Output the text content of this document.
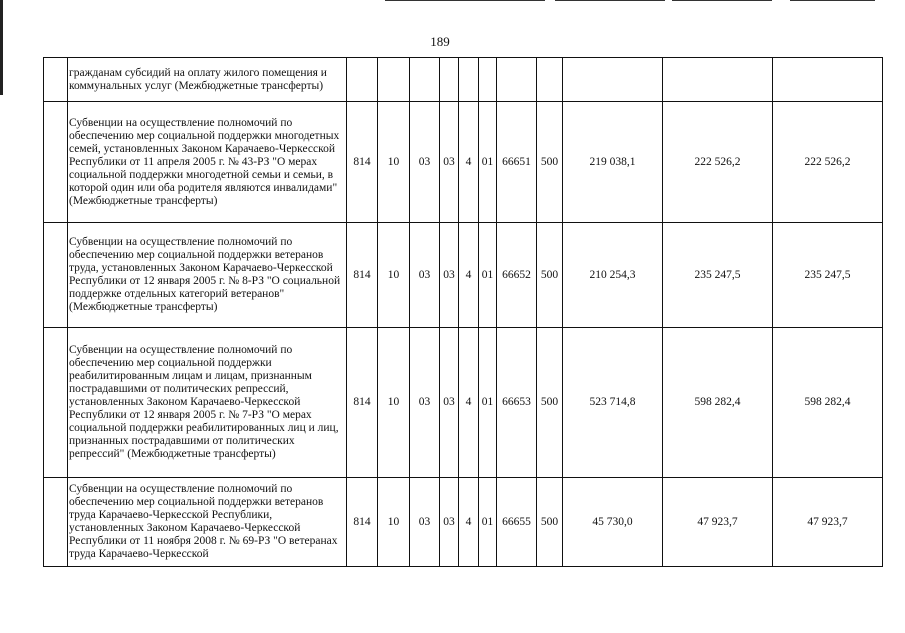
189
	гражданам субсидий на оплату жилого помещения и коммунальных услуг (Межбюджетные трансферты)											
	Субвенции на осуществление полномочий по обеспечению мер социальной поддержки многодетных семей, установленных Законом Карачаево-Черкесской Республики от 11 апреля 2005 г. № 43-РЗ "О мерах социальной поддержки многодетной семьи и семьи, в которой один или оба родителя являются инвалидами" (Межбюджетные трансферты)	814	10	03	03	4	01	66651	500	219 038,1	222 526,2	222 526,2
	Субвенции на осуществление полномочий по обеспечению мер социальной поддержки ветеранов труда, установленных Законом Карачаево-Черкесской Республики от 12 января 2005 г. № 8-РЗ "О социальной поддержке отдельных категорий ветеранов" (Межбюджетные трансферты)	814	10	03	03	4	01	66652	500	210 254,3	235 247,5	235 247,5
	Субвенции на осуществление полномочий по обеспечению мер социальной поддержки реабилитированным лицам и лицам, признанным пострадавшими от политических репрессий, установленных Законом Карачаево-Черкесской Республики от 12 января 2005 г. № 7-РЗ "О мерах социальной поддержки реабилитированных лиц и лиц, признанных пострадавшими от политических репрессий" (Межбюджетные трансферты)	814	10	03	03	4	01	66653	500	523 714,8	598 282,4	598 282,4
	Субвенции на осуществление полномочий по обеспечению мер социальной поддержки ветеранов труда Карачаево-Черкесской Республики, установленных Законом Карачаево-Черкесской Республики от 11 ноября 2008 г. № 69-РЗ "О ветеранах труда Карачаево-Черкесской	814	10	03	03	4	01	66655	500	45 730,0	47 923,7	47 923,7
